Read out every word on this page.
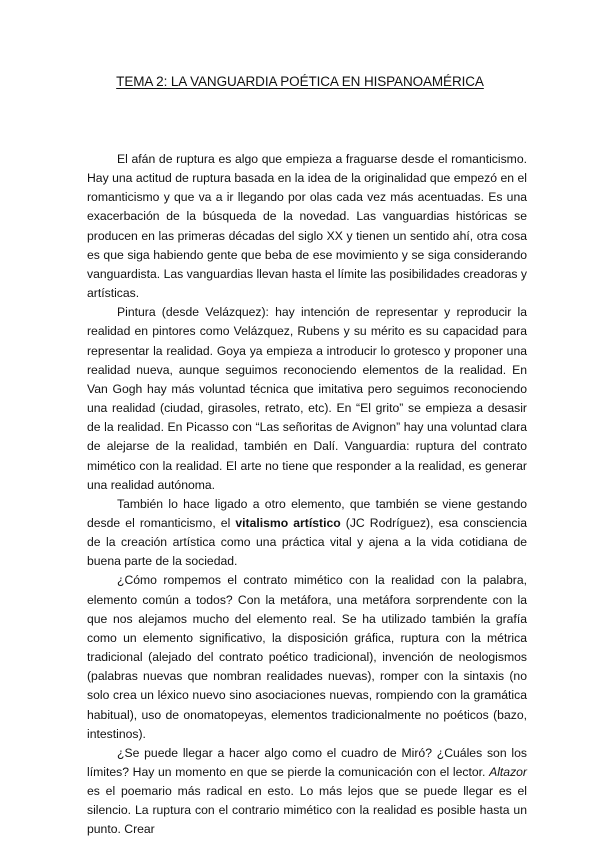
TEMA 2: LA VANGUARDIA POÉTICA EN HISPANOAMÉRICA

El afán de ruptura es algo que empieza a fraguarse desde el romanticismo. Hay una actitud de ruptura basada en la idea de la originalidad que empezó en el romanticismo y que va a ir llegando por olas cada vez más acentuadas. Es una exacerbación de la búsqueda de la novedad. Las vanguardias históricas se producen en las primeras décadas del siglo XX y tienen un sentido ahí, otra cosa es que siga habiendo gente que beba de ese movimiento y se siga considerando vanguardista. Las vanguardias llevan hasta el límite las posibilidades creadoras y artísticas.

Pintura (desde Velázquez): hay intención de representar y reproducir la realidad en pintores como Velázquez, Rubens y su mérito es su capacidad para representar la realidad. Goya ya empieza a introducir lo grotesco y proponer una realidad nueva, aunque seguimos reconociendo elementos de la realidad. En Van Gogh hay más voluntad técnica que imitativa pero seguimos reconociendo una realidad (ciudad, girasoles, retrato, etc). En “El grito” se empieza a desasir de la realidad. En Picasso con “Las señoritas de Avignon” hay una voluntad clara de alejarse de la realidad, también en Dalí. Vanguardia: ruptura del contrato mimético con la realidad. El arte no tiene que responder a la realidad, es generar una realidad autónoma.

También lo hace ligado a otro elemento, que también se viene gestando desde el romanticismo, el vitalismo artístico (JC Rodríguez), esa consciencia de la creación artística como una práctica vital y ajena a la vida cotidiana de buena parte de la sociedad.

¿Cómo rompemos el contrato mimético con la realidad con la palabra, elemento común a todos? Con la metáfora, una metáfora sorprendente con la que nos alejamos mucho del elemento real. Se ha utilizado también la grafía como un elemento significativo, la disposición gráfica, ruptura con la métrica tradicional (alejado del contrato poético tradicional), invención de neologismos (palabras nuevas que nombran realidades nuevas), romper con la sintaxis (no solo crea un léxico nuevo sino asociaciones nuevas, rompiendo con la gramática habitual), uso de onomatopeyas, elementos tradicionalmente no poéticos (bazo, intestinos).

¿Se puede llegar a hacer algo como el cuadro de Miró? ¿Cuáles son los límites? Hay un momento en que se pierde la comunicación con el lector. Altazor es el poemario más radical en esto. Lo más lejos que se puede llegar es el silencio. La ruptura con el contrario mimético con la realidad es posible hasta un punto. Crear
